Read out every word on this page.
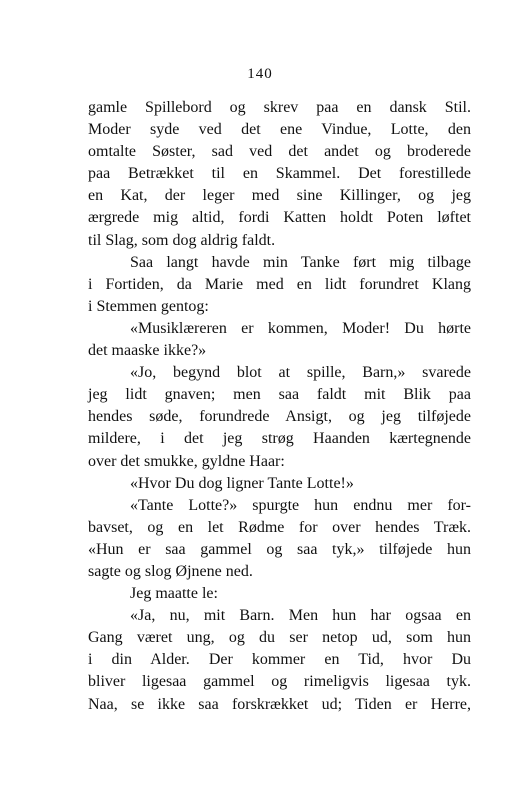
140
gamle Spillebord og skrev paa en dansk Stil.
Moder syde ved det ene Vindue, Lotte, den
omtalte Søster, sad ved det andet og broderede
paa Betrækket til en Skammel. Det forestillede
en Kat, der leger med sine Killinger, og jeg
ærgrede mig altid, fordi Katten holdt Poten løftet
til Slag, som dog aldrig faldt.
Saa langt havde min Tanke ført mig tilbage
i Fortiden, da Marie med en lidt forundret Klang
i Stemmen gentog:
«Musiklæreren er kommen, Moder! Du hørte
det maaske ikke?»
«Jo, begynd blot at spille, Barn,» svarede
jeg lidt gnaven; men saa faldt mit Blik paa
hendes søde, forundrede Ansigt, og jeg tilføjede
mildere, i det jeg strøg Haanden kærtegnende
over det smukke, gyldne Haar:
«Hvor Du dog ligner Tante Lotte!»
«Tante Lotte?» spurgte hun endnu mer for-
bavset, og en let Rødme for over hendes Træk.
«Hun er saa gammel og saa tyk,» tilføjede hun
sagte og slog Øjnene ned.
Jeg maatte le:
«Ja, nu, mit Barn. Men hun har ogsaa en
Gang været ung, og du ser netop ud, som hun
i din Alder. Der kommer en Tid, hvor Du
bliver ligesaa gammel og rimeligvis ligesaa tyk.
Naa, se ikke saa forskrækket ud; Tiden er Herre,
